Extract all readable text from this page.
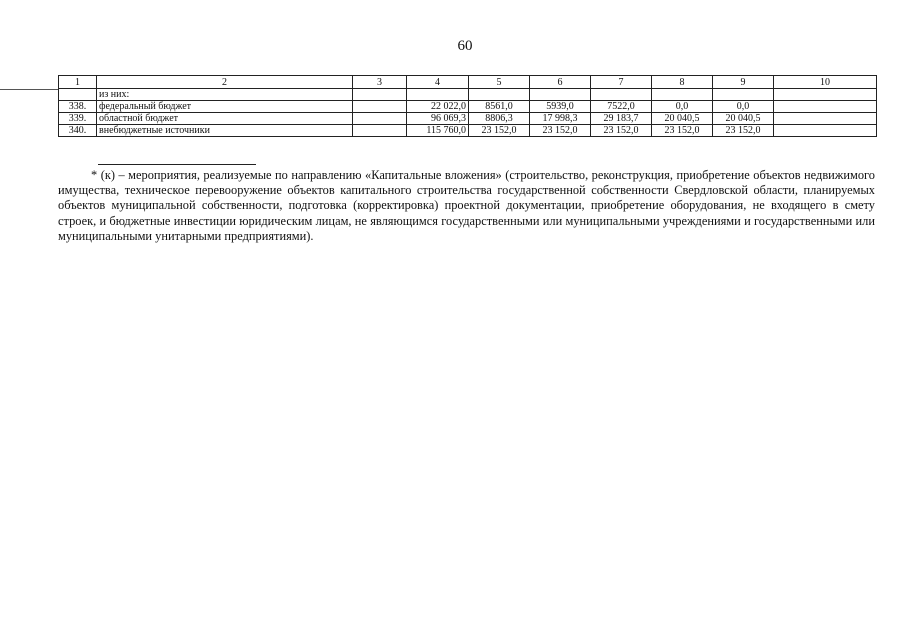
60
1	2	3	4	5	6	7	8	9	10
	из них:								
338.	федеральный бюджет		22 022,0	8561,0	5939,0	7522,0	0,0	0,0	
339.	областной бюджет		96 069,3	8806,3	17 998,3	29 183,7	20 040,5	20 040,5	
340.	внебюджетные источники		115 760,0	23 152,0	23 152,0	23 152,0	23 152,0	23 152,0	
* (к) – мероприятия, реализуемые по направлению «Капитальные вложения» (строительство, реконструкция, приобретение объектов недвижимого имущества, техническое перевооружение объектов капитального строительства государственной собственности Свердловской области, планируемых объектов муниципальной собственности, подготовка (корректировка) проектной документации, приобретение оборудования, не входящего в смету строек, и бюджетные инвестиции юридическим лицам, не являющимся государственными или муниципальными учреждениями и государственными или муниципальными унитарными предприятиями).
